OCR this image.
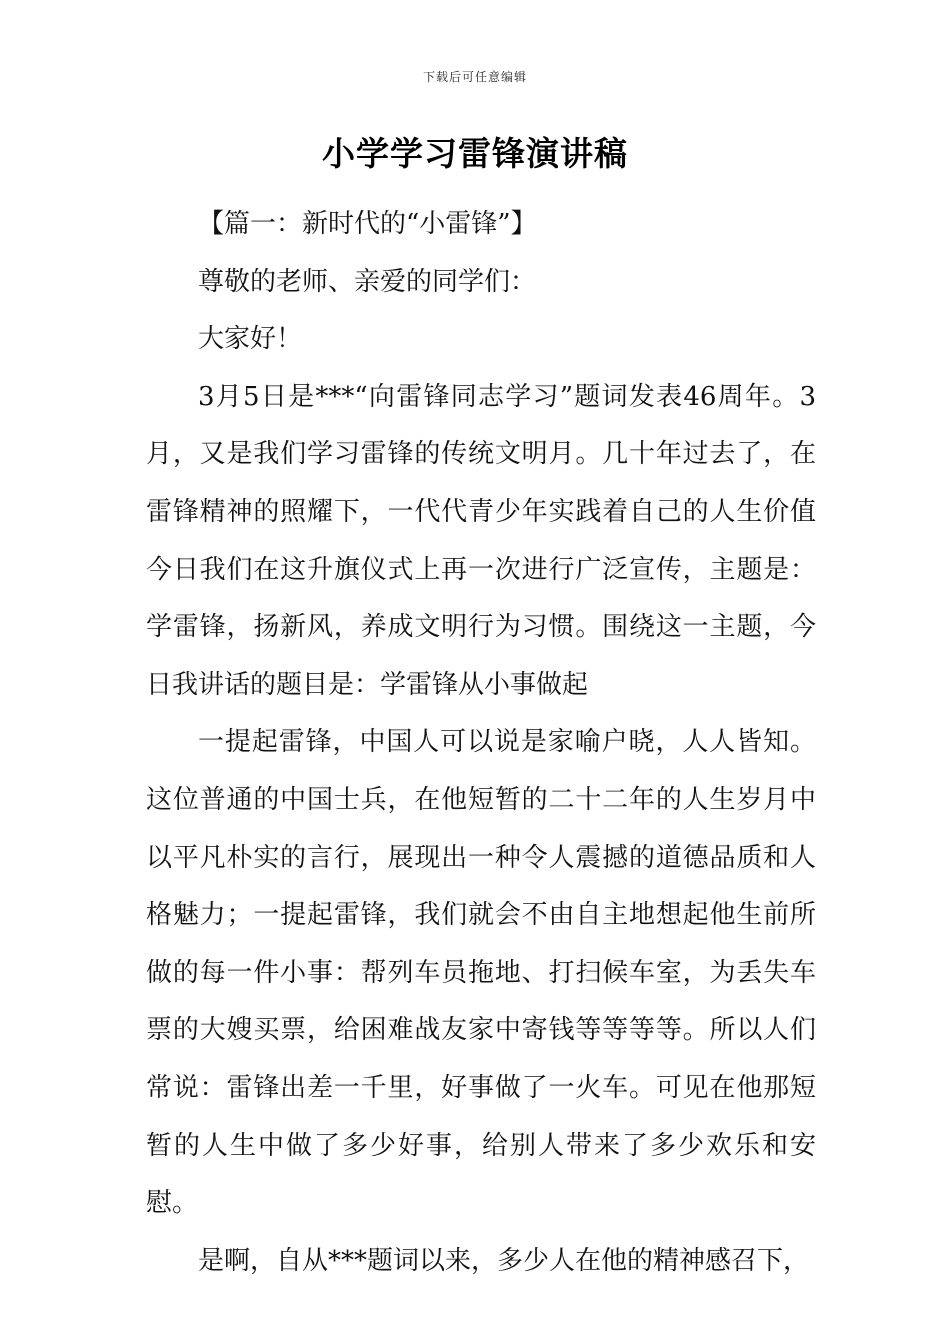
下载后可任意编辑
小学学习雷锋演讲稿

【篇一：新时代的“小雷锋”】

尊敬的老师、亲爱的同学们：

大家好！

3月5日是***“向雷锋同志学习”题词发表46周年。3月，又是我们学习雷锋的传统文明月。几十年过去了，在雷锋精神的照耀下，一代代青少年实践着自己的人生价值今日我们在这升旗仪式上再一次进行广泛宣传，主题是：学雷锋，扬新风，养成文明行为习惯。围绕这一主题，今日我讲话的题目是：学雷锋从小事做起

一提起雷锋，中国人可以说是家喻户晓，人人皆知。这位普通的中国士兵，在他短暂的二十二年的人生岁月中以平凡朴实的言行，展现出一种令人震撼的道德品质和人格魅力；一提起雷锋，我们就会不由自主地想起他生前所做的每一件小事：帮列车员拖地、打扫候车室，为丢失车票的大嫂买票，给困难战友家中寄钱等等等等。所以人们常说：雷锋出差一千里，好事做了一火车。可见在他那短暂的人生中做了多少好事，给别人带来了多少欢乐和安慰。

是啊，自从***题词以来，多少人在他的精神感召下，
